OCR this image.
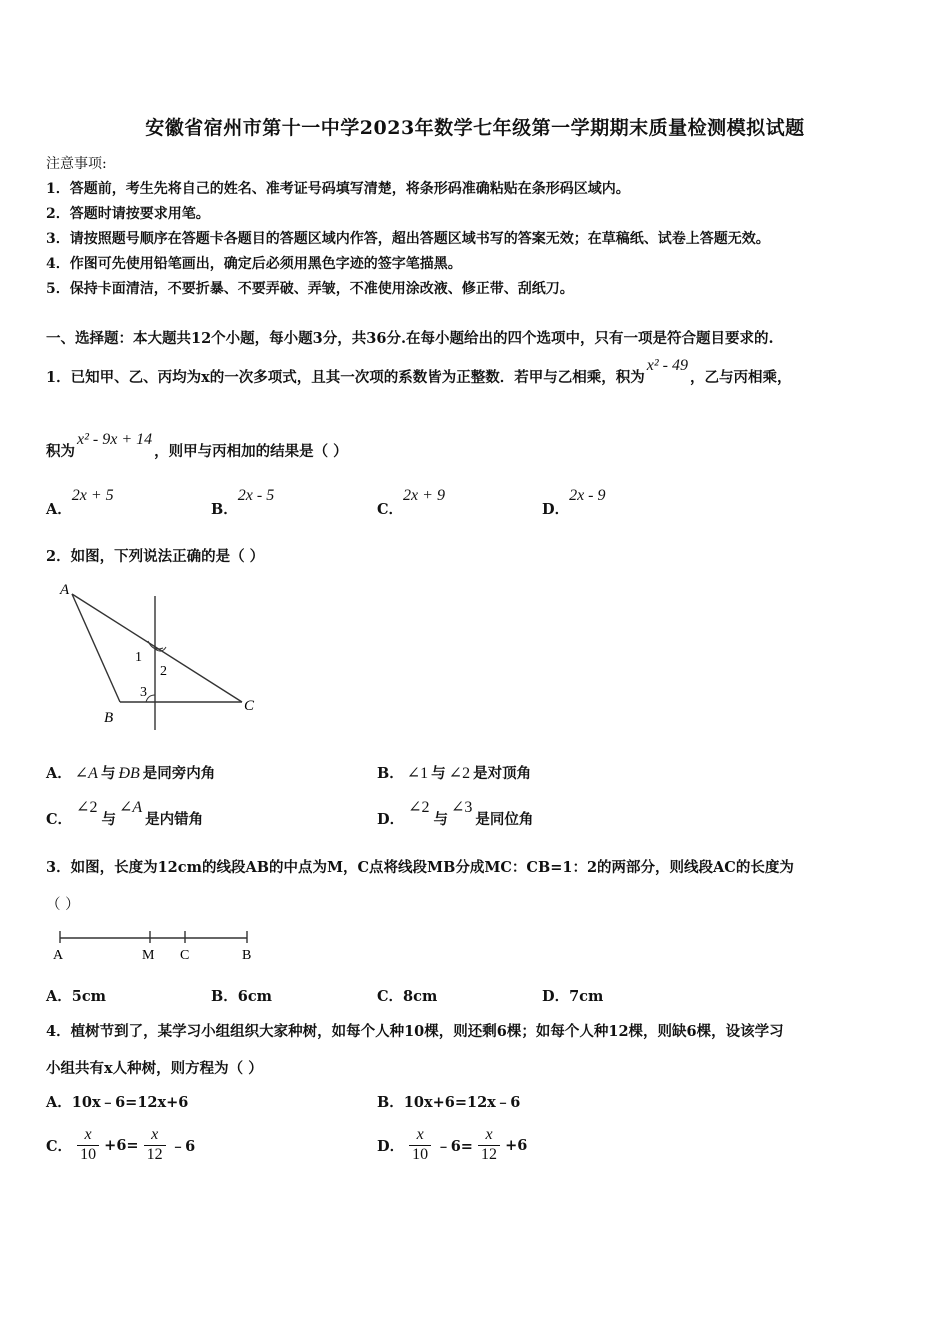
安徽省宿州市第十一中学2023年数学七年级第一学期期末质量检测模拟试题
注意事项:
1．答题前，考生先将自己的姓名、准考证号码填写清楚，将条形码准确粘贴在条形码区域内。
2．答题时请按要求用笔。
3．请按照题号顺序在答题卡各题目的答题区域内作答，超出答题区域书写的答案无效；在草稿纸、试卷上答题无效。
4．作图可先使用铅笔画出，确定后必须用黑色字迹的签字笔描黑。
5．保持卡面清洁，不要折暴、不要弄破、弄皱，不准使用涂改液、修正带、刮纸刀。
一、选择题：本大题共12个小题，每小题3分，共36分.在每小题给出的四个选项中，只有一项是符合题目要求的.
1．已知甲、乙、丙均为x的一次多项式，且其一次项的系数皆为正整数．若甲与乙相乘，积为x² - 49，乙与丙相乘，
积为x² - 9x + 14，则甲与丙相加的结果是（ ）
A．2x + 5
B．2x - 5
C．2x + 9
D．2x - 9
2．如图，下列说法正确的是（ ）
A
B
C
1
2
3
A． ∠A 与 ÐB 是同旁内角	B． ∠1 与 ∠2 是对顶角
C．∠2与∠A是内错角	D．∠2与∠3是同位角
3．如图，长度为12cm的线段AB的中点为M，C点将线段MB分成MC：CB=1：2的两部分，则线段AC的长度为
（ ）
A	M C	B
A．5cm	B．6cm	C．8cm	D．7cm
4．植树节到了，某学习小组组织大家种树，如每个人种10棵，则还剩6棵；如每个人种12棵，则缺6棵，设该学习
小组共有x人种树，则方程为（ ）
A．10x﹣6=12x+6	B．10x+6=12x﹣6
C． $\frac{x}{10} +6= \frac{x}{12}$ ﹣6	D． $\frac{x}{10}$ ﹣6= $\frac{x}{12} +6$
